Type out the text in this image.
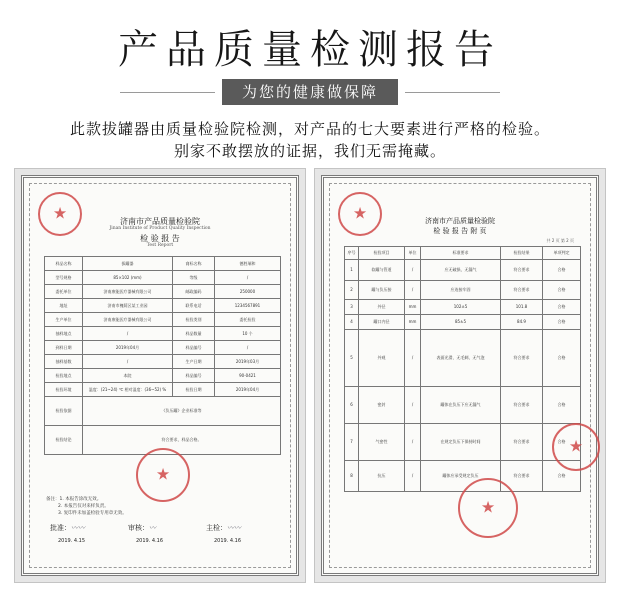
产品质量检测报告
为您的健康做保障
此款拔罐器由质量检验院检测，对产品的七大要素进行严格的检验。
别家不敢摆放的证据，我们无需掩藏。
★	济南市产品质量检验院
Jinan Institute of Product Quality Inspection
检 验 报 告
Test Report
样品名称	拔罐器	商标名称	德胜瑞和
型号规格	85×102 (mm)	等级	/
委托单位	济南康能医疗器械有限公司	邮政编码	250000
地址	济南市槐荫区某工业园	联系电话	1234567891
生产单位	济南康能医疗器械有限公司	检验类别	委托检验
抽样地点	/	样品数量	10 个
到样日期	2019年04月	样品编号	/
抽样基数	/	生产日期	2019年03月
检验地点	本院	样品编号	90-0421
检验环境	温度：(21~24) ℃ 相对湿度：(36~52) %	检验日期	2019年04月
检验依据	《负压罐》企业标准等		
检验结论	符合要求，样品合格。		
★
备注：1. 本报告涂改无效。
2. 本报告仅对来样负责。
3. 复印件未加盖检验专用章无效。
批准：〰〰	审核：〰	主检：〰〰
2019. 4.15	2019. 4.16	2019. 4.16
★	济南市产品质量检验院
检 验 报 告 附 页
共 2 页 第 2 页
序号	检验项目	单位	标准要求	检验结果	单项判定
1	软罐与管道	/	应无破损、无漏气	符合要求	合格
2	罐与负压接	/	应连接牢固	符合要求	合格
3	外径	mm	102±5	101.8	合格
4	罐口内径	mm	85±5	84.9	合格
5	外观	/	表面光滑，无毛刺、无气泡	符合要求	合格
6	密封	/	罐体在负压下应无漏气	符合要求	合格
7	气密性	/	在规定负压下保持时间	符合要求	合格
8	抗压	/	罐体应承受规定负压	符合要求	合格
★
★
